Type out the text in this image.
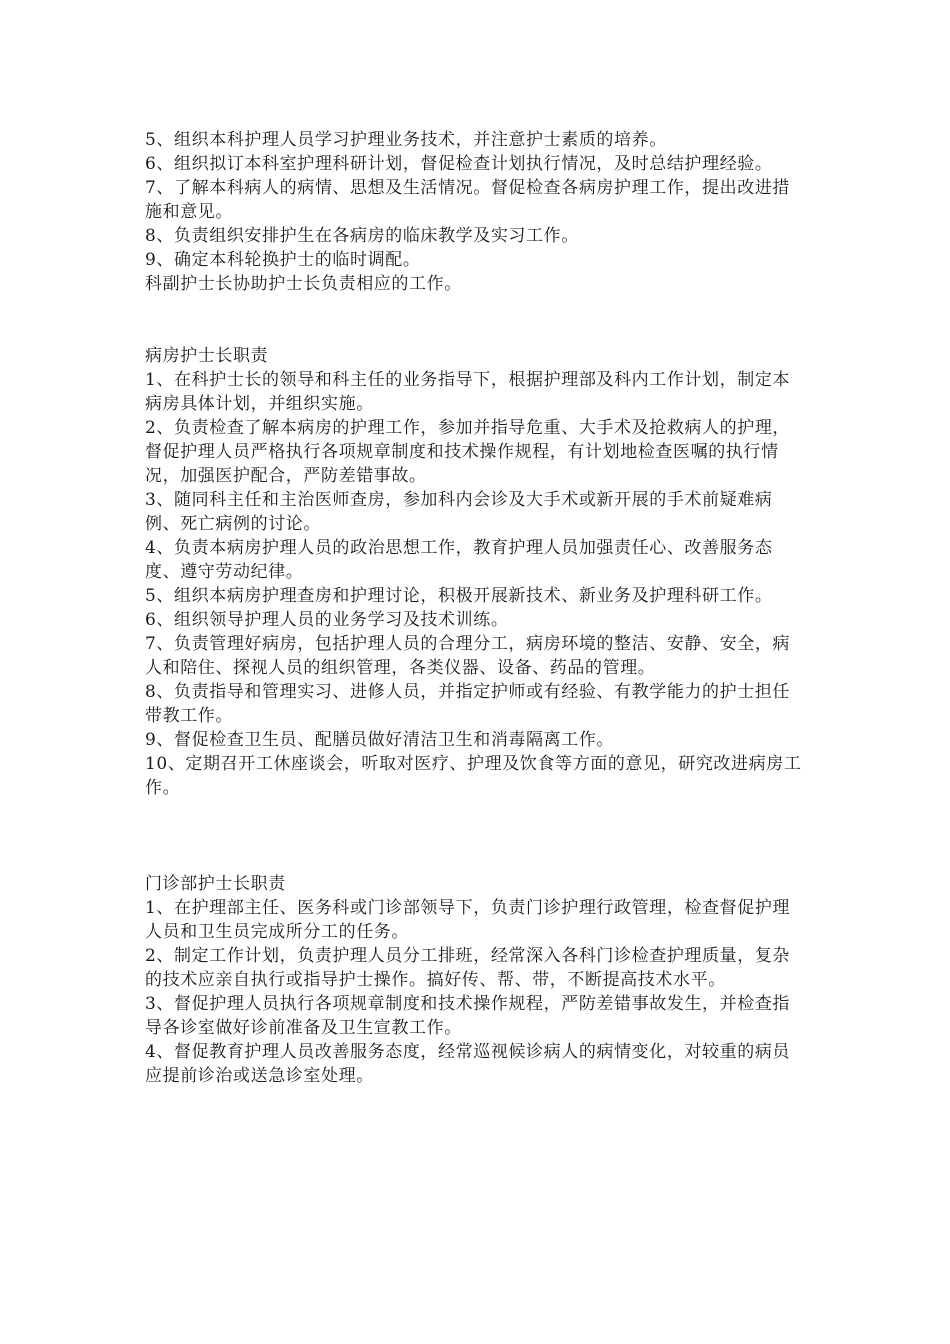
5、组织本科护理人员学习护理业务技术，并注意护士素质的培养。

6、组织拟订本科室护理科研计划，督促检查计划执行情况，及时总结护理经验。

7、了解本科病人的病情、思想及生活情况。督促检查各病房护理工作，提出改进措施和意见。

8、负责组织安排护生在各病房的临床教学及实习工作。

9、确定本科轮换护士的临时调配。

科副护士长协助护士长负责相应的工作。

病房护士长职责

1、在科护士长的领导和科主任的业务指导下，根据护理部及科内工作计划，制定本病房具体计划，并组织实施。

2、负责检查了解本病房的护理工作，参加并指导危重、大手术及抢救病人的护理，督促护理人员严格执行各项规章制度和技术操作规程，有计划地检查医嘱的执行情况，加强医护配合，严防差错事故。

3、随同科主任和主治医师查房，参加科内会诊及大手术或新开展的手术前疑难病例、死亡病例的讨论。

4、负责本病房护理人员的政治思想工作，教育护理人员加强责任心、改善服务态度、遵守劳动纪律。

5、组织本病房护理查房和护理讨论，积极开展新技术、新业务及护理科研工作。

6、组织领导护理人员的业务学习及技术训练。

7、负责管理好病房，包括护理人员的合理分工，病房环境的整洁、安静、安全，病人和陪住、探视人员的组织管理，各类仪器、设备、药品的管理。

8、负责指导和管理实习、进修人员，并指定护师或有经验、有教学能力的护士担任带教工作。

9、督促检查卫生员、配膳员做好清洁卫生和消毒隔离工作。

10、定期召开工休座谈会，听取对医疗、护理及饮食等方面的意见，研究改进病房工作。

门诊部护士长职责

1、在护理部主任、医务科或门诊部领导下，负责门诊护理行政管理，检查督促护理人员和卫生员完成所分工的任务。

2、制定工作计划，负责护理人员分工排班，经常深入各科门诊检查护理质量，复杂的技术应亲自执行或指导护士操作。搞好传、帮、带，不断提高技术水平。

3、督促护理人员执行各项规章制度和技术操作规程，严防差错事故发生，并检查指导各诊室做好诊前准备及卫生宣教工作。

4、督促教育护理人员改善服务态度，经常巡视候诊病人的病情变化，对较重的病员应提前诊治或送急诊室处理。
